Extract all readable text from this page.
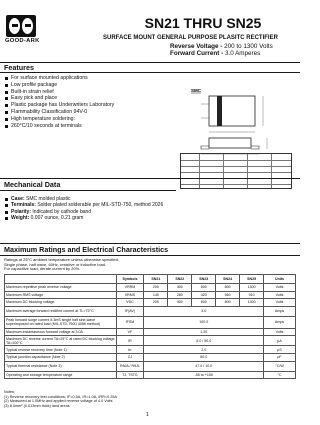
GOOD-ARK
SN21 THRU SN25
SURFACE MOUNT GENERAL PURPOSE PLASITC RECTIFIER
Reverse Voltage - 200 to 1300 Volts
Forward Current - 3.0 Amperes
Features
For surface mounted applications
Low profile package
Built-in strain relief
Easy pick and place
Plastic package has Underwriters Laboratory
Flammability Classification 94V-0
High temperature soldering:
260°C/10 seconds at terminals
SMC
Mechanical Data
Case: SMC molded plastic
Terminals: Solder plated solderable per MIL-STD-750, method 2026
Polarity: Indicated by cathode band
Weight: 0.007 ounce, 0.21 gram
Maximum Ratings and Electrical Characteristics
Ratings at 25°C ambient temperature unless otherwise specified.
Single phase, half wave, 60Hz, resistive or inductive load.
For capacitive load, derate current by 20%.
	Symbols	SN21	SN22	SN23	SN24	SN25	Units
Maximum repetitive peak reverse voltage	VRRM	200	400	600	800	1300	Volts
Maximum RMS voltage	VRMS	140	280	420	560	910	Volts
Maximum DC blocking voltage	VDC	200	400	600	800	1300	Volts
Maximum average forward rectified current at TL=75°C	IF(AV)	3.0					Amps
Peak forward surge current 8.3mS single half sine-wave superimposed on rated load (MIL-STD-750D 4066 method)	IFSM	100.0					Amps
Maximum instantaneous forward voltage at 3.0A	VF	1.20					Volts
Maximum DC reverse current TA=25°C at rated DC blocking voltage TA=100°C	IR	5.0 / 50.0					µA
Typical reverse recovery time (Note 1)	trr	2.0					µS
Typical junction capacitance (Note 2)	CJ	60.0					pF
Typical thermal resistance (Note 3)	RθJA / RθJL	47.0 / 10.0					°C/W
Operating and storage temperature range	TJ, TSTG	-55 to +150					°C
Notes:
(1) Reverse recovery test conditions: IF=0.5A, IR=1.0A, IRR=0.25A
(2) Measured at 1.0MHz and applied reverse voltage of 4.0 Volts
(3) 8.0mm² (0.013mm thick) land areas
1
